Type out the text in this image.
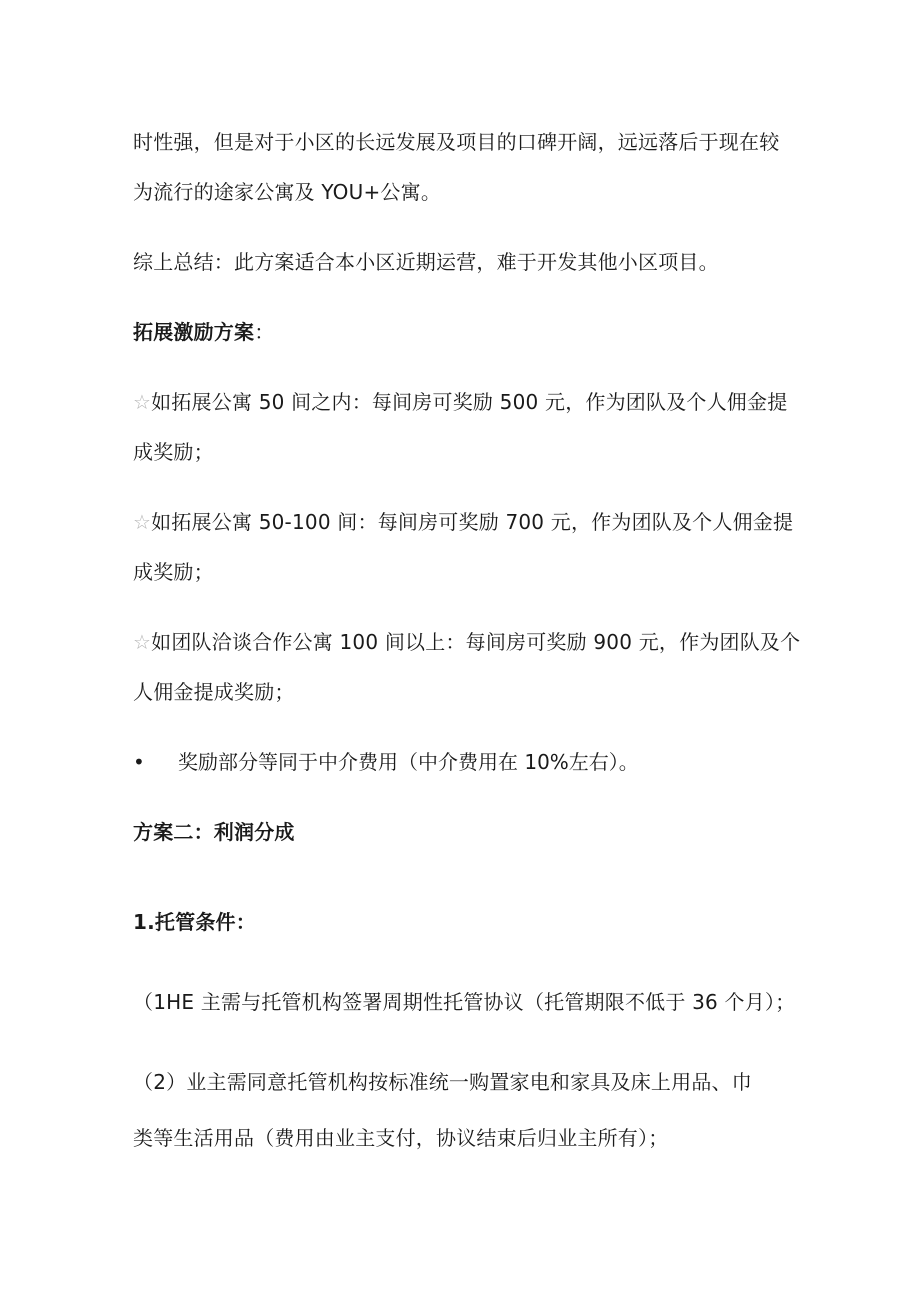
时性强，但是对于小区的长远发展及项目的口碑开阔，远远落后于现在较
为流行的途家公寓及 YOU+公寓。
综上总结：此方案适合本小区近期运营，难于开发其他小区项目。
拓展激励方案：
☆如拓展公寓 50 间之内：每间房可奖励 500 元，作为团队及个人佣金提
成奖励；
☆如拓展公寓 50-100 间：每间房可奖励 700 元，作为团队及个人佣金提
成奖励；
☆如团队洽谈合作公寓 100 间以上：每间房可奖励 900 元，作为团队及个
人佣金提成奖励；
• 奖励部分等同于中介费用（中介费用在 10%左右）。
方案二：利润分成
1.托管条件：
（1HE 主需与托管机构签署周期性托管协议（托管期限不低于 36 个月）；
（2）业主需同意托管机构按标准统一购置家电和家具及床上用品、巾
类等生活用品（费用由业主支付，协议结束后归业主所有）；
